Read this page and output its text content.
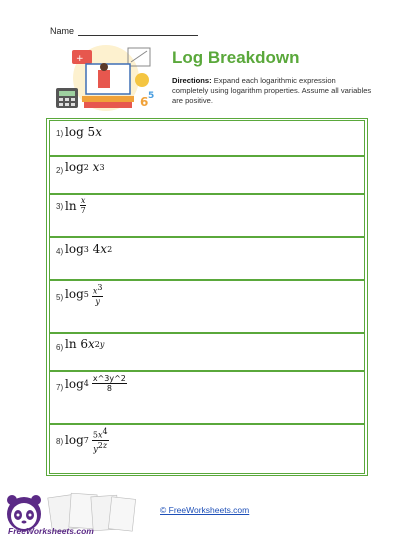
Name
+
6 5
Log Breakdown
Directions: Expand each logarithmic expression completely using logarithm properties. Assume all variables are positive.
1) log 5 x
2) log 2
x 3
3) $\ln \frac{x}{7}$
4) log 3 4 x 2
5) $\log 5 \frac{x^3}{y}$
6) ln 6 x 2y
7) $\log 4 \frac{x\^{}3y\^{}2}{8}$
8) $\log 7 \frac{5x^4}{y^{2z}}$
FreeWorksheets.com
© FreeWorksheets.com
